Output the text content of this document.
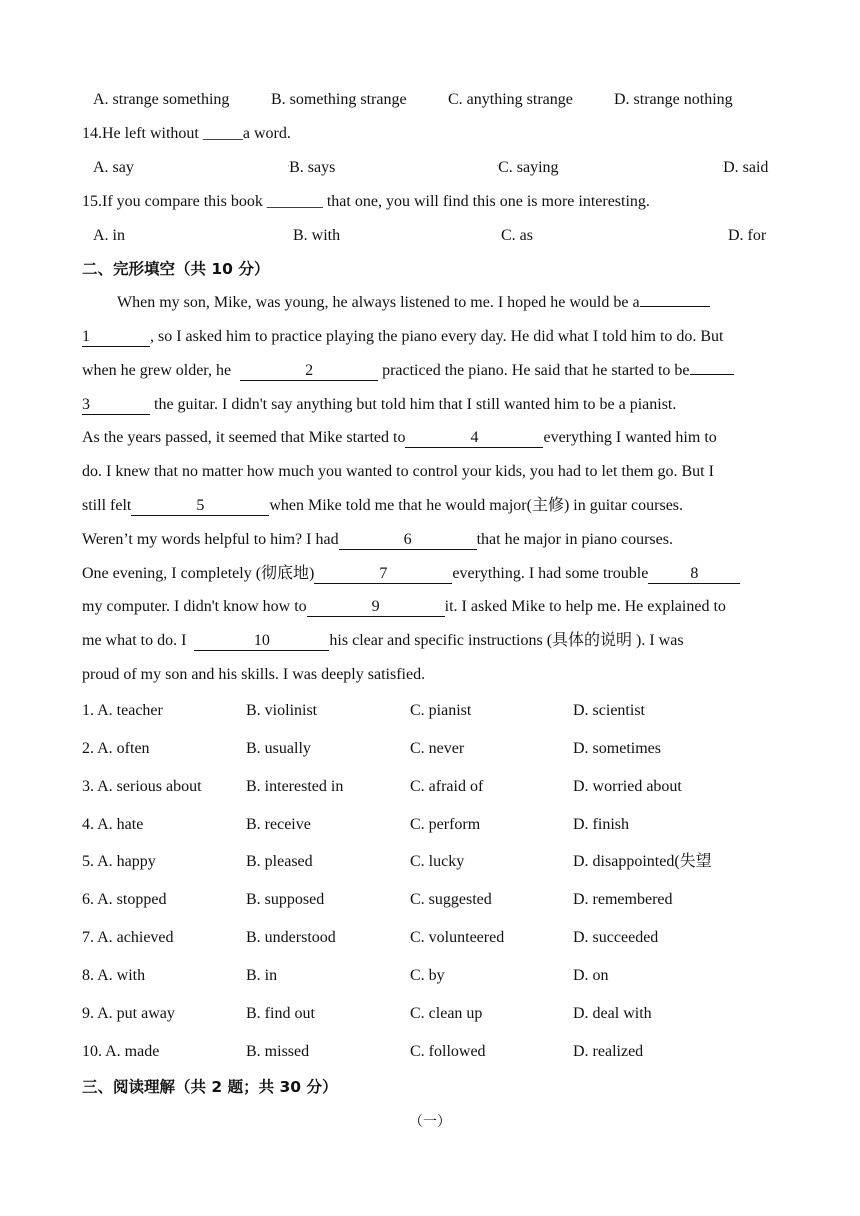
A. strange something	B. something strange	C. anything strange	D. strange nothing
14.He left without _____a word.
A. say	'B. says	'C. saying	'D. said
15.If you compare this book _______ that one, you will find this one is more interesting.
A. in	B. with	C. as	D. for
二、完形填空（共 10 分）
When my son, Mike, was young, he always listened to me. I hoped he would be a
1	, so I asked him to practice playing the piano every day. He did what I told him to do. But
when he grew older, he	2	practiced the piano. He said that he started to be
3	the guitar. I didn't say anything but told him that I still wanted him to be a pianist.
As the years passed, it seemed that Mike started to	4	everything I wanted him to
do. I knew that no matter how much you wanted to control your kids, you had to let them go. But I
still felt	5	when Mike told me that he would major(主修) in guitar courses.
Weren’t my words helpful to him? I had	6	that he major in piano courses.
One evening, I completely (彻底地)	7	everything. I had some trouble	8
my computer. I didn't know how to	9	it. I asked Mike to help me. He explained to
me what to do. I	10	his clear and specific instructions (具体的说明 ). I was
proud of my son and his skills. I was deeply satisfied.
1. A. teacher	B. violinist	C. pianist	D. scientist
2. A. often	B. usually	C. never	D. sometimes
3. A. serious about	B. interested in	C. afraid of	D. worried about
4. A. hate	B. receive	C. perform	D. finish
5. A. happy	B. pleased	C. lucky	D. disappointed(失望
6. A. stopped	B. supposed	C. suggested	D. remembered
7. A. achieved	B. understood	C. volunteered	D. succeeded
8. A. with	B. in	C. by	D. on
9. A. put away	B. find out	C. clean up	D. deal with
10. A. made	B. missed	C. followed	D. realized
三、阅读理解（共 2 题；共 30 分）
（一）
